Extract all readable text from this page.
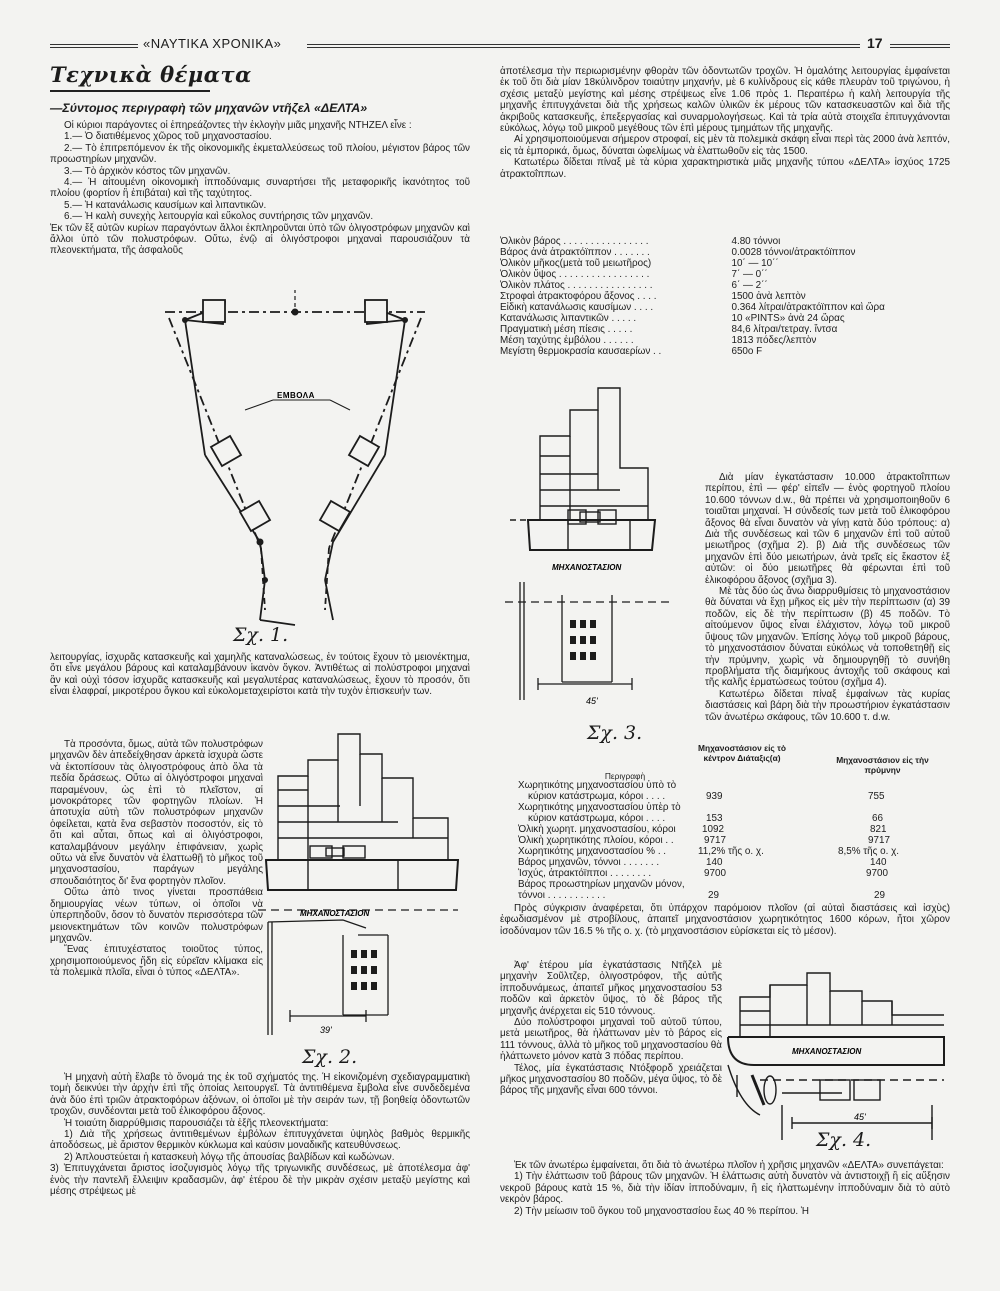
«ΝΑΥΤΙΚΑ ΧΡΟΝΙΚΑ»	17
Τεχνικὰ θέματα
—Σύντομος περιγραφὴ τῶν μηχανῶν ντῆζελ «ΔΕΛΤΑ»

Οἱ κύριοι παράγοντες οἱ ἐπηρεάζοντες τὴν ἐκλογὴν μιᾶς μηχανῆς ΝΤΗΖΕΛ εἶνε :

1.— Ὁ διατιθέμενος χῶρος τοῦ μηχανοστασίου.

2.— Τὸ ἐπιτρεπόμενον ἐκ τῆς οἰκονομικῆς ἐκμεταλλεύσεως τοῦ πλοίου, μέγιστον βάρος τῶν προωστηρίων μηχανῶν.

3.— Τὸ ἀρχικὸν κόστος τῶν μηχανῶν.

4.— Ἡ αἰτουμένη οἰκονομικὴ ἱπποδύναμις συναρτήσει τῆς μεταφορικῆς ἱκανότητος τοῦ πλοίου (φορτίον ἢ ἐπιβάται) καὶ τῆς ταχύτητος.

5.— Ἡ κατανάλωσις καυσίμων καὶ λιπαντικῶν.

6.— Ἡ καλὴ συνεχὴς λειτουργία καὶ εὔκολος συντήρησις τῶν μηχανῶν.

Ἐκ τῶν ἕξ αὐτῶν κυρίων παραγόντων ἄλλοι ἐκπληροῦνται ὑπὸ τῶν ὀλιγοστρόφων μηχανῶν καὶ ἄλλοι ὑπὸ τῶν πολυστρόφων. Οὕτω, ἐνῷ αἱ ὀλιγόστροφοι μηχαναὶ παρουσιάζουν τὰ πλεονεκτήματα, τῆς ἀσφαλοῦς

ΕΜΒΟΛΑ
Σχ. 1.

λειτουργίας, ἰσχυρᾶς κατασκευῆς καὶ χαμηλῆς καταναλώσεως, ἐν τούτοις ἔχουν τὸ μειονέκτημα, ὅτι εἶνε μεγάλου βάρους καὶ καταλαμβάνουν ἱκανὸν ὄγκον. Ἀντιθέτως αἱ πολύστροφοι μηχαναὶ ἂν καὶ οὐχὶ τόσον ἰσχυρᾶς κατασκευῆς καὶ μεγαλυτέρας καταναλώσεως, ἔχουν τὸ προσόν, ὅτι εἶναι ἐλαφραί, μικροτέρου ὄγκου καὶ εὐκολομεταχειρίστοι κατὰ τὴν τυχὸν ἐπισκευήν των.

Τὰ προσόντα, ὅμως, αὐτὰ τῶν πολυστρόφων μηχανῶν δὲν ἀπεδείχθησαν ἀρκετὰ ἰσχυρὰ ὥστε νὰ ἐκτοπίσουν τὰς ὀλιγοστρόφους ἀπὸ ὅλα τὰ πεδία δράσεως. Οὕτω αἱ ὀλιγόστροφοι μηχαναὶ παραμένουν, ὡς ἐπὶ τὸ πλεῖστον, αἱ μονοκράτορες τῶν φορτηγῶν πλοίων. Ἡ ἀποτυχία αὐτὴ τῶν πολυστρόφων μηχανῶν ὀφείλεται, κατὰ ἕνα σεβαστὸν ποσοστόν, εἰς τὸ ὅτι καὶ αὗται, ὅπως καὶ αἱ ὀλιγόστροφοι, καταλαμβάνουν μεγάλην ἐπιφάνειαν, χωρὶς οὕτω νὰ εἶνε δυνατὸν νὰ ἐλαττωθῇ τὸ μῆκος τοῦ μηχανοστασίου, παράγων μεγάλης σπουδαιότητος δι' ἕνα φορτηγὸν πλοῖον.

Οὕτω ἀπὸ τινος γίνεται προσπάθεια δημιουργίας νέων τύπων, οἱ ὁποῖοι νὰ ὑπερπηδοῦν, ὅσον τὸ δυνατὸν περισσότερα τῶν μειονεκτημάτων τῶν κοινῶν πολυστρόφων μηχανῶν.

Ἕνας ἐπιτυχέστατος τοιοῦτος τύπος, χρησιμοποιούμενος ἤδη εἰς εὐρεῖαν κλίμακα εἰς τὰ πολεμικὰ πλοῖα, εἶναι ὁ τύπος «ΔΕΛΤΑ».

ΜΗΧΑΝΟΣΤΑΣΙΟΝ
39'
Σχ. 2.

Ἡ μηχανὴ αὐτὴ ἔλαβε τὸ ὄνομά της ἐκ τοῦ σχήματός της. Ἡ εἰκονιζομένη σχεδιαγραμματικὴ τομὴ δεικνύει τὴν ἀρχὴν ἐπὶ τῆς ὁποίας λειτουργεῖ. Τὰ ἀντιτιθέμενα ἔμβολα εἶνε συνδεδεμένα ἀνὰ δύο ἐπὶ τριῶν ἀτρακτοφόρων ἀξόνων, οἱ ὁποῖοι μὲ τὴν σειράν των, τῇ βοηθείᾳ ὀδοντωτῶν τροχῶν, συνδέονται μετὰ τοῦ ἑλικοφόρου ἄξονος.

Ἡ τοιαύτη διαρρύθμισις παρουσιάζει τὰ ἑξῆς πλεονεκτήματα:

1) Διὰ τῆς χρήσεως ἀντιτιθεμένων ἐμβόλων ἐπιτυγχάνεται ὑψηλὸς βαθμὸς θερμικῆς ἀποδόσεως, μὲ ἄριστον θερμικὸν κύκλωμα καὶ καύσιν μοναδικῆς κατευθύνσεως.

2) Ἁπλουστεύεται ἡ κατασκευὴ λόγῳ τῆς ἀπουσίας βαλβίδων καὶ κωδώνων.

3) Ἐπιτυγχάνεται ἄριστος ἰσοζυγισμὸς λόγῳ τῆς τριγωνικῆς συνδέσεως, μὲ ἀποτέλεσμα ἀφ' ἑνὸς τὴν παντελῆ ἔλλειψιν κραδασμῶν, ἀφ' ἑτέρου δὲ τὴν μικρὰν σχέσιν μεταξὺ μεγίστης καὶ μέσης στρέψεως μὲ

ἀποτέλεσμα τὴν περιωρισμένην φθορὰν τῶν ὀδοντωτῶν τροχῶν. Ἡ ὁμαλότης λειτουργίας ἐμφαίνεται ἐκ τοῦ ὅτι διὰ μίαν 18κύλινδρον τοιαύτην μηχανήν, μὲ 6 κυλίνδρους εἰς κάθε πλευρὰν τοῦ τριγώνου, ἡ σχέσις μεταξὺ μεγίστης καὶ μέσης στρέψεως εἶνε 1.06 πρὸς 1. Περαιτέρω ἡ καλὴ λειτουργία τῆς μηχανῆς ἐπιτυγχάνεται διὰ τῆς χρήσεως καλῶν ὑλικῶν ἐκ μέρους τῶν κατασκευαστῶν καὶ διὰ τῆς ἀκριβοῦς κατασκευῆς, ἐπεξεργασίας καὶ συναρμολογήσεως. Καὶ τὰ τρία αὐτὰ στοιχεῖα ἐπιτυγχάνονται εὐκόλως, λόγῳ τοῦ μικροῦ μεγέθους τῶν ἐπὶ μέρους τμημάτων τῆς μηχανῆς.

Αἱ χρησιμοποιούμεναι σήμερον στροφαί, εἰς μὲν τὰ πολεμικὰ σκάφη εἶναι περὶ τὰς 2000 ἀνὰ λεπτόν, εἰς τὰ ἐμπορικά, ὅμως, δύναται ὠφελίμως νὰ ἐλαττωθοῦν εἰς τὰς 1500.

Κατωτέρω δίδεται πίναξ μὲ τὰ κύρια χαρακτηριστικὰ μιᾶς μηχανῆς τύπου «ΔΕΛΤΑ» ἰσχύος 1725 ἀτρακτοΐππων.

Ὁλικὸν βάρος . . . . . . . . . . . . . . . .	4.80 τόννοι
Βάρος ἀνὰ ἀτρακτόϊππον . . . . . . .	0.0028 τόννοι/ἀτρακτόϊππον
Ὁλικὸν μῆκος(μετὰ τοῦ μειωτῆρος)	10΄ — 10΄΄
Ὁλικὸν ὕψος . . . . . . . . . . . . . . . . .	7΄ — 0΄΄
Ὁλικὸν πλάτος . . . . . . . . . . . . . . . .	6΄ — 2΄΄
Στροφαὶ ἀτρακτοφόρου ἄξονος . . . .	1500 ἀνὰ λεπτὸν
Εἰδικὴ κατανάλωσις καυσίμων . . . .	0.364 λίτραι/ἀτρακτόϊππον καὶ ὥρα
Κατανάλωσις λιπαντικῶν . . . . .	10 «PINTS» ἀνὰ 24 ὥρας
Πραγματικὴ μέση πίεσις . . . . .	84,6 λίτραι/τετραγ. ἴντσα
Μέση ταχύτης ἐμβόλου . . . . . .	1813 πόδες/λεπτὸν
Μεγίστη θερμοκρασία καυσαερίων . .	650ο F
ΜΗΧΑΝΟΣΤΑΣΙΟΝ
45'
Σχ. 3.

Διὰ μίαν ἐγκατάστασιν 10.000 ἀτρακτοΐππων περίπου, ἐπὶ — φέρ' εἰπεῖν — ἑνὸς φορτηγοῦ πλοίου 10.600 τόννων d.w., θὰ πρέπει νὰ χρησιμοποιηθοῦν 6 τοιαῦται μηχαναί. Ἡ σύνδεσίς των μετὰ τοῦ ἑλικοφόρου ἄξονος θὰ εἶναι δυνατὸν νὰ γίνῃ κατὰ δύο τρόπους: α) Διὰ τῆς συνδέσεως καὶ τῶν 6 μηχανῶν ἐπὶ τοῦ αὐτοῦ μειωτῆρος (σχῆμα 2). β) Διὰ τῆς συνδέσεως τῶν μηχανῶν ἐπὶ δύο μειωτήρων, ἀνὰ τρεῖς εἰς ἕκαστον ἐξ αὐτῶν: οἱ δύο μειωτῆρες θὰ φέρωνται ἐπὶ τοῦ ἑλικοφόρου ἄξονος (σχῆμα 3).

Μὲ τὰς δύο ὡς ἄνω διαρρυθμίσεις τὸ μηχανοστάσιον θὰ δύναται νὰ ἔχῃ μῆκος εἰς μὲν τὴν περίπτωσιν (α) 39 ποδῶν, εἰς δὲ τὴν περίπτωσιν (β) 45 ποδῶν. Τὸ αἰτούμενον ὕψος εἶναι ἐλάχιστον, λόγῳ τοῦ μικροῦ ὕψους τῶν μηχανῶν. Ἐπίσης λόγῳ τοῦ μικροῦ βάρους, τὸ μηχανοστάσιον δύναται εὐκόλως νὰ τοποθετηθῇ εἰς τὴν πρύμνην, χωρὶς νὰ δημιουργηθῇ τὸ συνήθη προβλήματα τῆς διαμήκους ἀντοχῆς τοῦ σκάφους καὶ τῆς καλῆς ἐρματώσεως τούτου (σχῆμα 4).

Κατωτέρω δίδεται πίναξ ἐμφαίνων τὰς κυρίας διαστάσεις καὶ βάρη διὰ τὴν προωστήριον ἐγκατάστασιν τῶν ἀνωτέρω σκάφους, τῶν 10.600 τ. d.w.

Περιγραφὴ
Μηχανοστάσιον εἰς τὸ κέντρον Διάταξις(α)	Μηχανοστάσιον εἰς τὴν πρύμνην
Χωρητικότης μηχανοστασίου ὑπὸ τὸ
κύριον κατάστρωμα, κόροι . . . .	939	755
Χωρητικότης μηχανοστασίου ὑπὲρ τὸ
κύριον κατάστρωμα, κόροι . . . .	153	66
Ὁλικὴ χωρητ. μηχανοστασίου, κόροι	1092	821
Ὁλικὴ χωρητικότης πλοίου, κόροι . .	9717	9717
Χωρητικότης μηχανοστασίου % . .	11,2% τῆς ο. χ.	8,5% τῆς ο. χ.
Βάρος μηχανῶν, τόννοι . . . . . . .	140	140
Ἰσχύς, ἀτρακτόϊπποι . . . . . . . .	9700	9700
Βάρος προωστηρίων μηχανῶν μόνον, τόννοι . . . . . . . . . . .	29	29

Πρὸς σύγκρισιν ἀναφέρεται, ὅτι ὑπάρχον παρόμοιον πλοῖον (αἱ αὐταὶ διαστάσεις καὶ ἰσχὺς) ἐφωδιασμένον μὲ στροβίλους, ἀπαιτεῖ μηχανοστάσιον χωρητικότητος 1600 κόρων, ἤτοι χῶρον ἰσοδύναμον τῶν 16.5 % τῆς ο. χ. (τὸ μηχανοστάσιον εὑρίσκεται εἰς τὸ μέσον).

Ἀφ' ἑτέρου μία ἐγκατάστασις Ντῆζελ μὲ μηχανὴν Σοῦλτζερ, ὀλιγοστρόφον, τῆς αὐτῆς ἱπποδυνάμεως, ἀπαιτεῖ μῆκος μηχανοστασίου 53 ποδῶν καὶ ἀρκετὸν ὕψος, τὸ δὲ βάρος τῆς μηχανῆς ἀνέρχεται εἰς 510 τόννους.

Δύο πολύστροφοι μηχαναὶ τοῦ αὐτοῦ τύπου, μετὰ μειωτῆρος, θὰ ἠλάττωναν μὲν τὸ βάρος εἰς 111 τόννους, ἀλλὰ τὸ μῆκος τοῦ μηχανοστασίου θὰ ἠλάττωνετο μόνον κατὰ 3 πόδας περίπου.

Τέλος, μία ἐγκατάστασις Ντόξφορδ χρειάζεται μῆκος μηχανοστασίου 80 ποδῶν, μέγα ὕψος, τὸ δὲ βάρος τῆς μηχανῆς εἶναι 600 τόννοι.

ΜΗΧΑΝΟΣΤΑΣΙΟΝ
45'
Σχ. 4.

Ἐκ τῶν ἀνωτέρω ἐμφαίνεται, ὅτι διὰ τὸ ἀνωτέρω πλοῖον ἡ χρῆσις μηχανῶν «ΔΕΛΤΑ» συνεπάγεται:

1) Τὴν ἐλάττωσιν τοῦ βάρους τῶν μηχανῶν. Ἡ ἐλάττωσις αὐτὴ δυνατὸν νὰ ἀντιστοιχῇ ἢ εἰς αὔξησιν νεκροῦ βάρους κατὰ 15 %, διὰ τὴν ἰδίαν ἱπποδύναμιν, ἢ εἰς ἠλαττωμένην ἱπποδύναμιν διὰ τὸ αὐτὸ νεκρὸν βάρος.

2) Τὴν μείωσιν τοῦ ὄγκου τοῦ μηχανοστασίου ἕως 40 % περίπου. Ἡ
